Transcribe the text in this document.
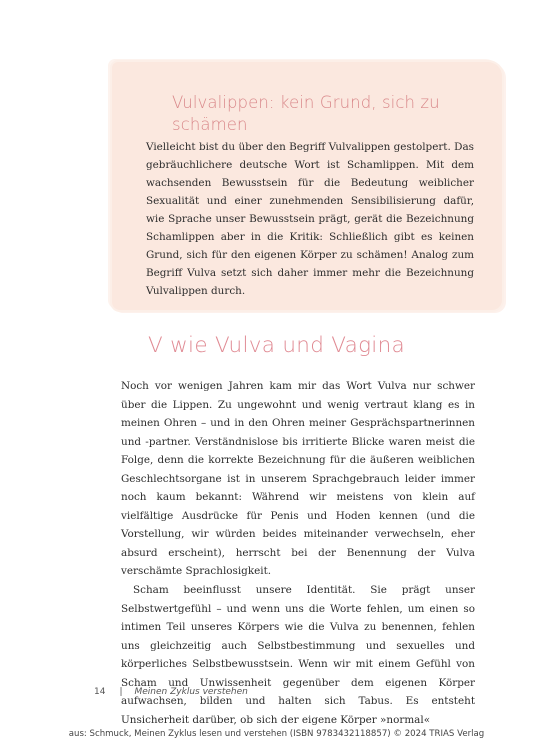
Vulvalippen: kein Grund, sich zu schämen
Vielleicht bist du über den Begriff Vulvalippen gestolpert. Das gebräuchlichere deutsche Wort ist Schamlippen. Mit dem wachsenden Bewusstsein für die Bedeutung weiblicher Sexualität und einer zunehmenden Sensibilisierung dafür, wie Sprache unser Bewusstsein prägt, gerät die Bezeichnung Schamlippen aber in die Kritik: Schließlich gibt es keinen Grund, sich für den eigenen Körper zu schämen! Analog zum Begriff Vulva setzt sich daher immer mehr die Bezeichnung Vulvalippen durch.
V wie Vulva und Vagina

Noch vor wenigen Jahren kam mir das Wort Vulva nur schwer über die Lippen. Zu ungewohnt und wenig vertraut klang es in meinen Ohren – und in den Ohren meiner Gesprächspartnerinnen und -partner. Verständnislose bis irritierte Blicke waren meist die Folge, denn die korrekte Bezeichnung für die äußeren weiblichen Geschlechtsorgane ist in unserem Sprachgebrauch leider immer noch kaum bekannt: Während wir meistens von klein auf vielfältige Ausdrücke für Penis und Hoden kennen (und die Vorstellung, wir würden beides miteinander verwechseln, eher absurd erscheint), herrscht bei der Benennung der Vulva verschämte Sprachlosigkeit.

Scham beeinflusst unsere Identität. Sie prägt unser Selbstwertgefühl – und wenn uns die Worte fehlen, um einen so intimen Teil unseres Körpers wie die Vulva zu benennen, fehlen uns gleichzeitig auch Selbstbestimmung und sexuelles und körperliches Selbstbewusstsein. Wenn wir mit einem Gefühl von Scham und Unwissenheit gegenüber dem eigenen Körper aufwachsen, bilden und halten sich Tabus. Es entsteht Unsicherheit darüber, ob sich der eigene Körper »normal«

14 | Meinen Zyklus verstehen
aus: Schmuck, Meinen Zyklus lesen und verstehen (ISBN 9783432118857) © 2024 TRIAS Verlag
